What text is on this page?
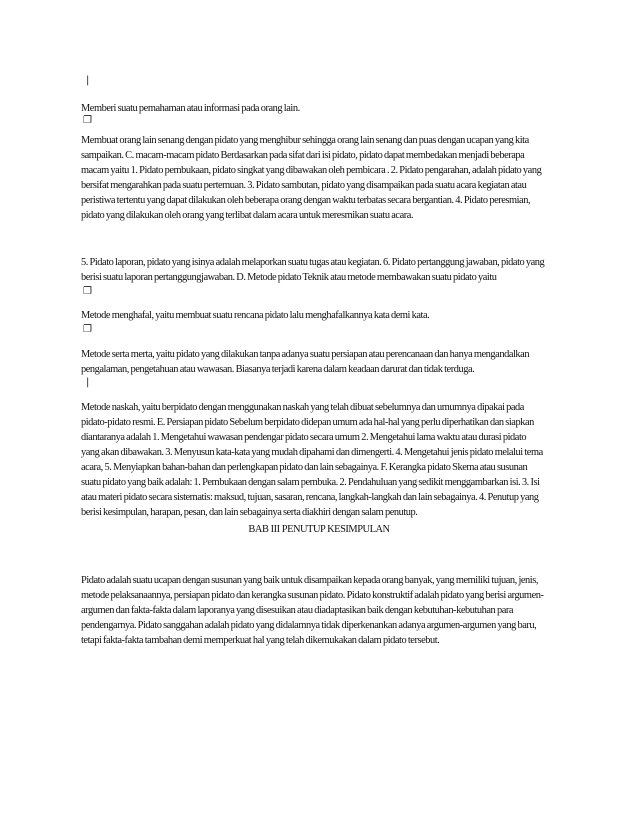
|
Memberi suatu pemahaman atau informasi pada orang lain.
❐
Membuat orang lain senang dengan pidato yang menghibur sehingga orang lain senang dan puas dengan ucapan yang kita
sampaikan. C. macam-macam pidato Berdasarkan pada sifat dari isi pidato, pidato dapat membedakan menjadi beberapa
macam yaitu 1. Pidato pembukaan, pidato singkat yang dibawakan oleh pembicara . 2. Pidato pengarahan, adalah pidato yang
bersifat mengarahkan pada suatu pertemuan. 3. Pidato sambutan, pidato yang disampaikan pada suatu acara kegiatan atau
peristiwa tertentu yang dapat dilakukan oleh beberapa orang dengan waktu terbatas secara bergantian. 4. Pidato peresmian,
pidato yang dilakukan oleh orang yang terlibat dalam acara untuk meresmikan suatu acara.
5. Pidato laporan, pidato yang isinya adalah melaporkan suatu tugas atau kegiatan. 6. Pidato pertanggung jawaban, pidato yang
berisi suatu laporan pertanggungjawaban. D. Metode pidato Teknik atau metode membawakan suatu pidato yaitu
❐
Metode menghafal, yaitu membuat suatu rencana pidato lalu menghafalkannya kata demi kata.
❐
Metode serta merta, yaitu pidato yang dilakukan tanpa adanya suatu persiapan atau perencanaan dan hanya mengandalkan
pengalaman, pengetahuan atau wawasan. Biasanya terjadi karena dalam keadaan darurat dan tidak terduga.
|
Metode naskah, yaitu berpidato dengan menggunakan naskah yang telah dibuat sebelumnya dan umumnya dipakai pada
pidato-pidato resmi. E. Persiapan pidato Sebelum berpidato didepan umum ada hal-hal yang perlu diperhatikan dan siapkan
diantaranya adalah 1. Mengetahui wawasan pendengar pidato secara umum 2. Mengetahui lama waktu atau durasi pidato
yang akan dibawakan. 3. Menyusun kata-kata yang mudah dipahami dan dimengerti. 4. Mengetahui jenis pidato melalui tema
acara, 5. Menyiapkan bahan-bahan dan perlengkapan pidato dan lain sebagainya. F. Kerangka pidato Skema atau susunan
suatu pidato yang baik adalah: 1. Pembukaan dengan salam pembuka. 2. Pendahuluan yang sedikit menggambarkan isi. 3. Isi
atau materi pidato secara sistematis: maksud, tujuan, sasaran, rencana, langkah-langkah dan lain sebagainya. 4. Penutup yang
berisi kesimpulan, harapan, pesan, dan lain sebagainya serta diakhiri dengan salam penutup.
BAB III PENUTUP KESIMPULAN
Pidato adalah suatu ucapan dengan susunan yang baik untuk disampaikan kepada orang banyak, yang memiliki tujuan, jenis,
metode pelaksanaannya, persiapan pidato dan kerangka susunan pidato. Pidato konstruktif adalah pidato yang berisi argumen-
argumen dan fakta-fakta dalam laporanya yang disesuikan atau diadaptasikan baik dengan kebutuhan-kebutuhan para
pendengarnya. Pidato sanggahan adalah pidato yang didalamnya tidak diperkenankan adanya argumen-argumen yang baru,
tetapi fakta-fakta tambahan demi memperkuat hal yang telah dikemukakan dalam pidato tersebut.
